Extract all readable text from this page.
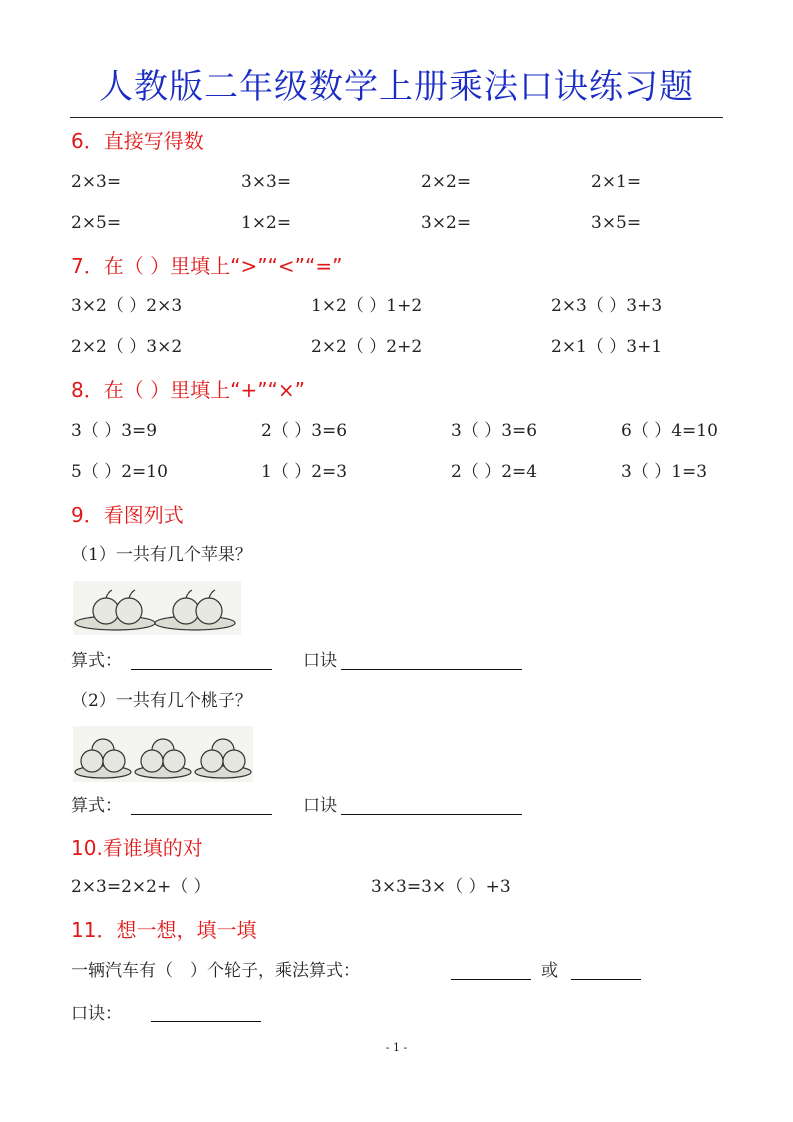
人教版二年级数学上册乘法口诀练习题
6．直接写得数
2×3=	3×3=	2×2=	2×1=
2×5=	1×2=	3×2=	3×5=
7．在（ ）里填上“>”“<”“=”
3×2（ ）2×3	1×2（ ）1+2	2×3（ ）3+3
2×2（ ）3×2	2×2（ ）2+2	2×1（ ）3+1
8．在（ ）里填上“+”“×”
3（ ）3=9	2（ ）3=6	3（ ）3=6	6（ ）4=10
5（ ）2=10	1（ ）2=3	2（ ）2=4	3（ ）1=3
9．看图列式
（1）一共有几个苹果？
算式：	口诀
（2）一共有几个桃子？
算式：	口诀
10.看谁填的对
2×3=2×2+（ ）	3×3=3×（ ）+3
11．想一想，填一填
一辆汽车有（　）个轮子，乘法算式：	或
口诀：
- 1 -
